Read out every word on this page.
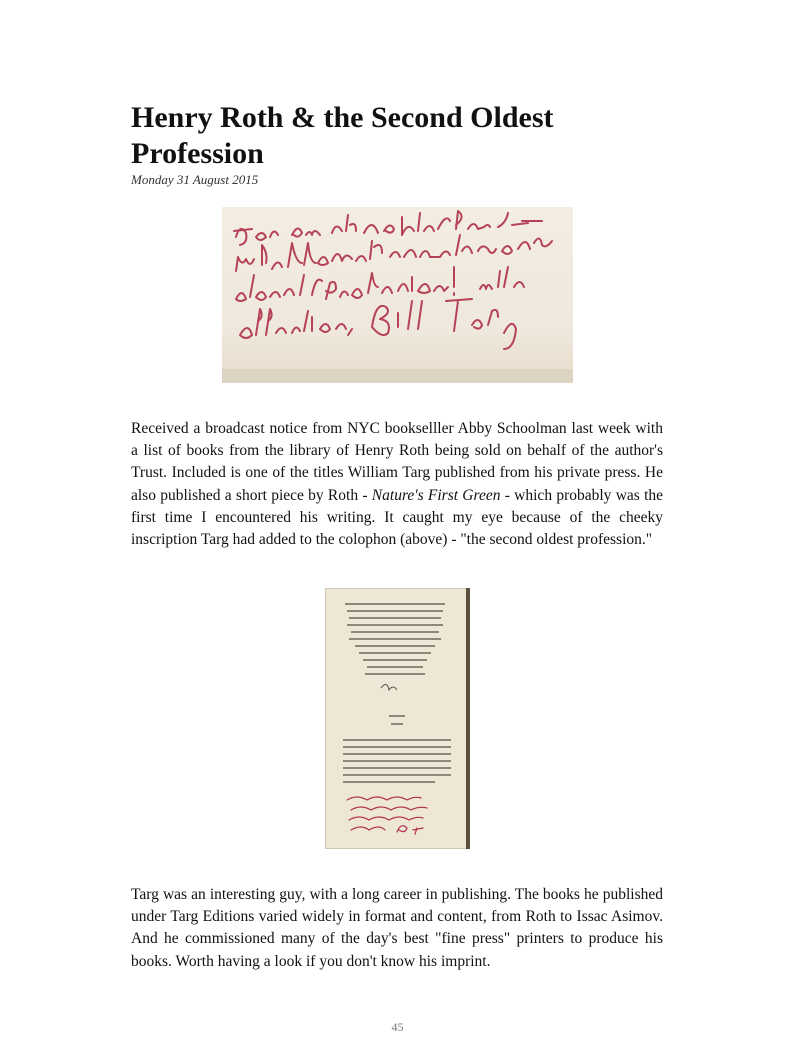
Henry Roth & the Second Oldest Profession
Monday 31 August 2015

Received a broadcast notice from NYC bookselller Abby Schoolman last week with a list of books from the library of Henry Roth being sold on behalf of the author's Trust. Included is one of the titles William Targ published from his private press. He also published a short piece by Roth - Nature's First Green - which probably was the first time I encountered his writing. It caught my eye because of the cheeky inscription Targ had added to the colophon (above) - "the second oldest profession."

Targ was an interesting guy, with a long career in publishing. The books he published under Targ Editions varied widely in format and content, from Roth to Issac Asimov. And he commissioned many of the day's best "fine press" printers to produce his books. Worth having a look if you don't know his imprint.

45
